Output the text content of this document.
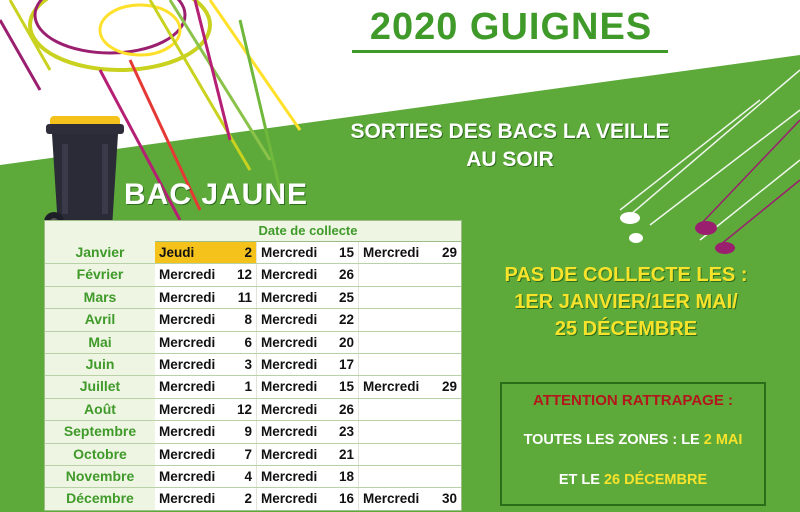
2020 GUIGNES
SORTIES DES BACS LA VEILLE
AU SOIR
BAC JAUNE
Date de collecte
Janvier	Jeudi	2 Mercredi 15 Mercredi 29
Février	Mercredi 12 Mercredi 26
Mars	Mercredi 11 Mercredi 25
Avril	Mercredi 8 Mercredi 22
Mai	Mercredi 6 Mercredi 20
Juin	Mercredi 3 Mercredi 17
Juillet	Mercredi 1 Mercredi 15 Mercredi 29
Août	Mercredi 12 Mercredi 26
Septembre	Mercredi 9 Mercredi 23
Octobre	Mercredi 7 Mercredi 21
Novembre	Mercredi 4 Mercredi 18
Décembre	Mercredi 2 Mercredi 16 Mercredi 30
PAS DE COLLECTE LES :
1ER JANVIER/1ER MAI/
25 DÉCEMBRE
ATTENTION RATTRAPAGE :
TOUTES LES ZONES : LE 2 MAI
ET LE 26 DÉCEMBRE
